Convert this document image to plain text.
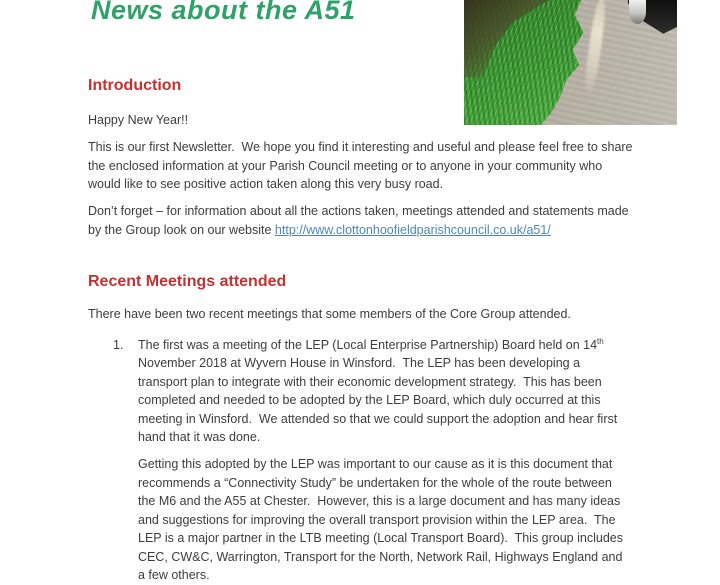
News about the A51
Introduction

Happy New Year!!

This is our first Newsletter.  We hope you find it interesting and useful and please feel free to share the enclosed information at your Parish Council meeting or to anyone in your community who would like to see positive action taken along this very busy road.

Don’t forget – for information about all the actions taken, meetings attended and statements made by the Group look on our website http://www.clottonhoofieldparishcouncil.co.uk/a51/

Recent Meetings attended

There have been two recent meetings that some members of the Core Group attended.

1.	The first was a meeting of the LEP (Local Enterprise Partnership) Board held on 14th November 2018 at Wyvern House in Winsford.  The LEP has been developing a transport plan to integrate with their economic development strategy.  This has been completed and needed to be adopted by the LEP Board, which duly occurred at this meeting in Winsford.  We attended so that we could support the adoption and hear first hand that it was done.

Getting this adopted by the LEP was important to our cause as it is this document that recommends a “Connectivity Study” be undertaken for the whole of the route between the M6 and the A55 at Chester.  However, this is a large document and has many ideas and suggestions for improving the overall transport provision within the LEP area.  The LEP is a major partner in the LTB meeting (Local Transport Board).  This group includes CEC, CW&C, Warrington, Transport for the North, Network Rail, Highways England and a few others.
